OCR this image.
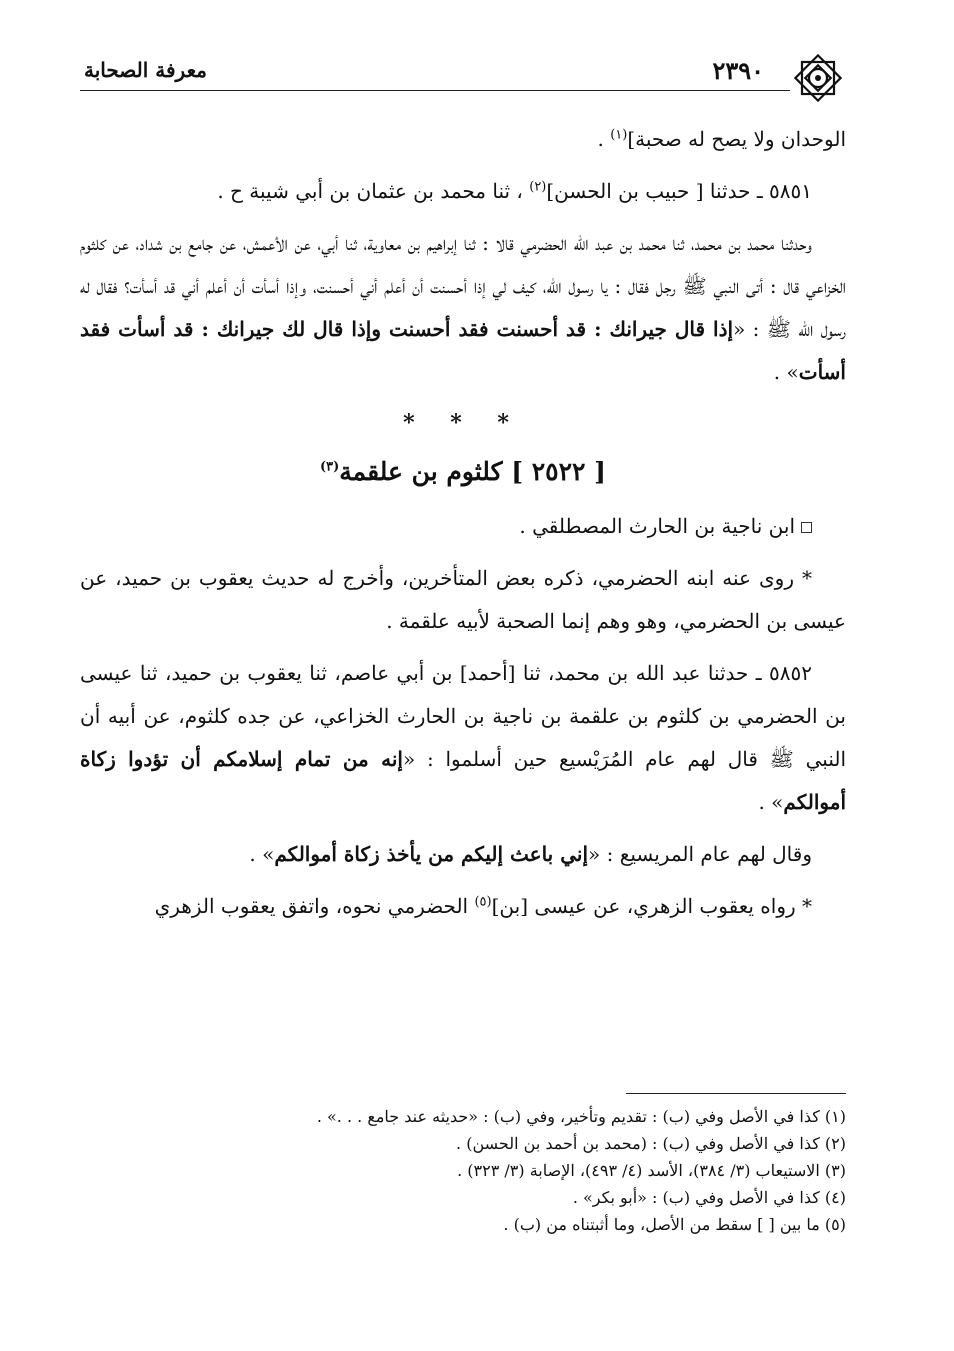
معرفة الصحابة	٢٣٩٠

الوحدان ولا يصح له صحبة]$^{(١)}$ .

٥٨٥١ ـ حدثنا [ حبيب بن الحسن]$^{(٢)}$ ، ثنا محمد بن عثمان بن أبي شيبة ح .

وحدثنا محمد بن محمد، ثنا محمد بن عبد الله الحضرمي قالا : ثنا إبراهيم بن معاوية، ثنا أبي، عن الأعمش، عن جامع بن شداد، عن كلثوم الخزاعي قال : أتى النبي ﷺ رجل فقال : يا رسول الله، كيف لي إذا أحسنت أن أعلم أني أحسنت، وإذا أسأت أن أعلم أني قد أسأت؟ فقال له رسول الله ﷺ : «إذا قال جيرانك : قد أحسنت فقد أحسنت وإذا قال لك جيرانك : قد أسأت فقد أسأت» .

* * *
[ ٢٥٢٢ ] كلثوم بن علقمة$^{(٣)}$

ابن ناجية بن الحارث المصطلقي .

* روى عنه ابنه الحضرمي، ذكره بعض المتأخرين، وأخرج له حديث يعقوب بن حميد، عن عيسى بن الحضرمي، وهو وهم إنما الصحبة لأبيه علقمة .

٥٨٥٢ ـ حدثنا عبد الله بن محمد، ثنا [أحمد] بن أبي عاصم، ثنا يعقوب بن حميد، ثنا عيسى بن الحضرمي بن كلثوم بن علقمة بن ناجية بن الحارث الخزاعي، عن جده كلثوم، عن أبيه أن النبي ﷺ قال لهم عام المُرَيْسيع حين أسلموا : «إنه من تمام إسلامكم أن تؤدوا زكاة أموالكم» .

وقال لهم عام المريسيع : «إني باعث إليكم من يأخذ زكاة أموالكم» .

* رواه يعقوب الزهري، عن عيسى [بن]$^{(٥)}$ الحضرمي نحوه، واتفق يعقوب الزهري

(١) كذا في الأصل وفي (ب) : تقديم وتأخير، وفي (ب) : «حديثه عند جامع . . .» .

(٢) كذا في الأصل وفي (ب) : (محمد بن أحمد بن الحسن) .

(٣) الاستيعاب (٣/ ٣٨٤)، الأسد (٤/ ٤٩٣)، الإصابة (٣/ ٣٢٣) .

(٤) كذا في الأصل وفي (ب) : «أبو بكر» .

(٥) ما بين [ ] سقط من الأصل، وما أثبتناه من (ب) .
